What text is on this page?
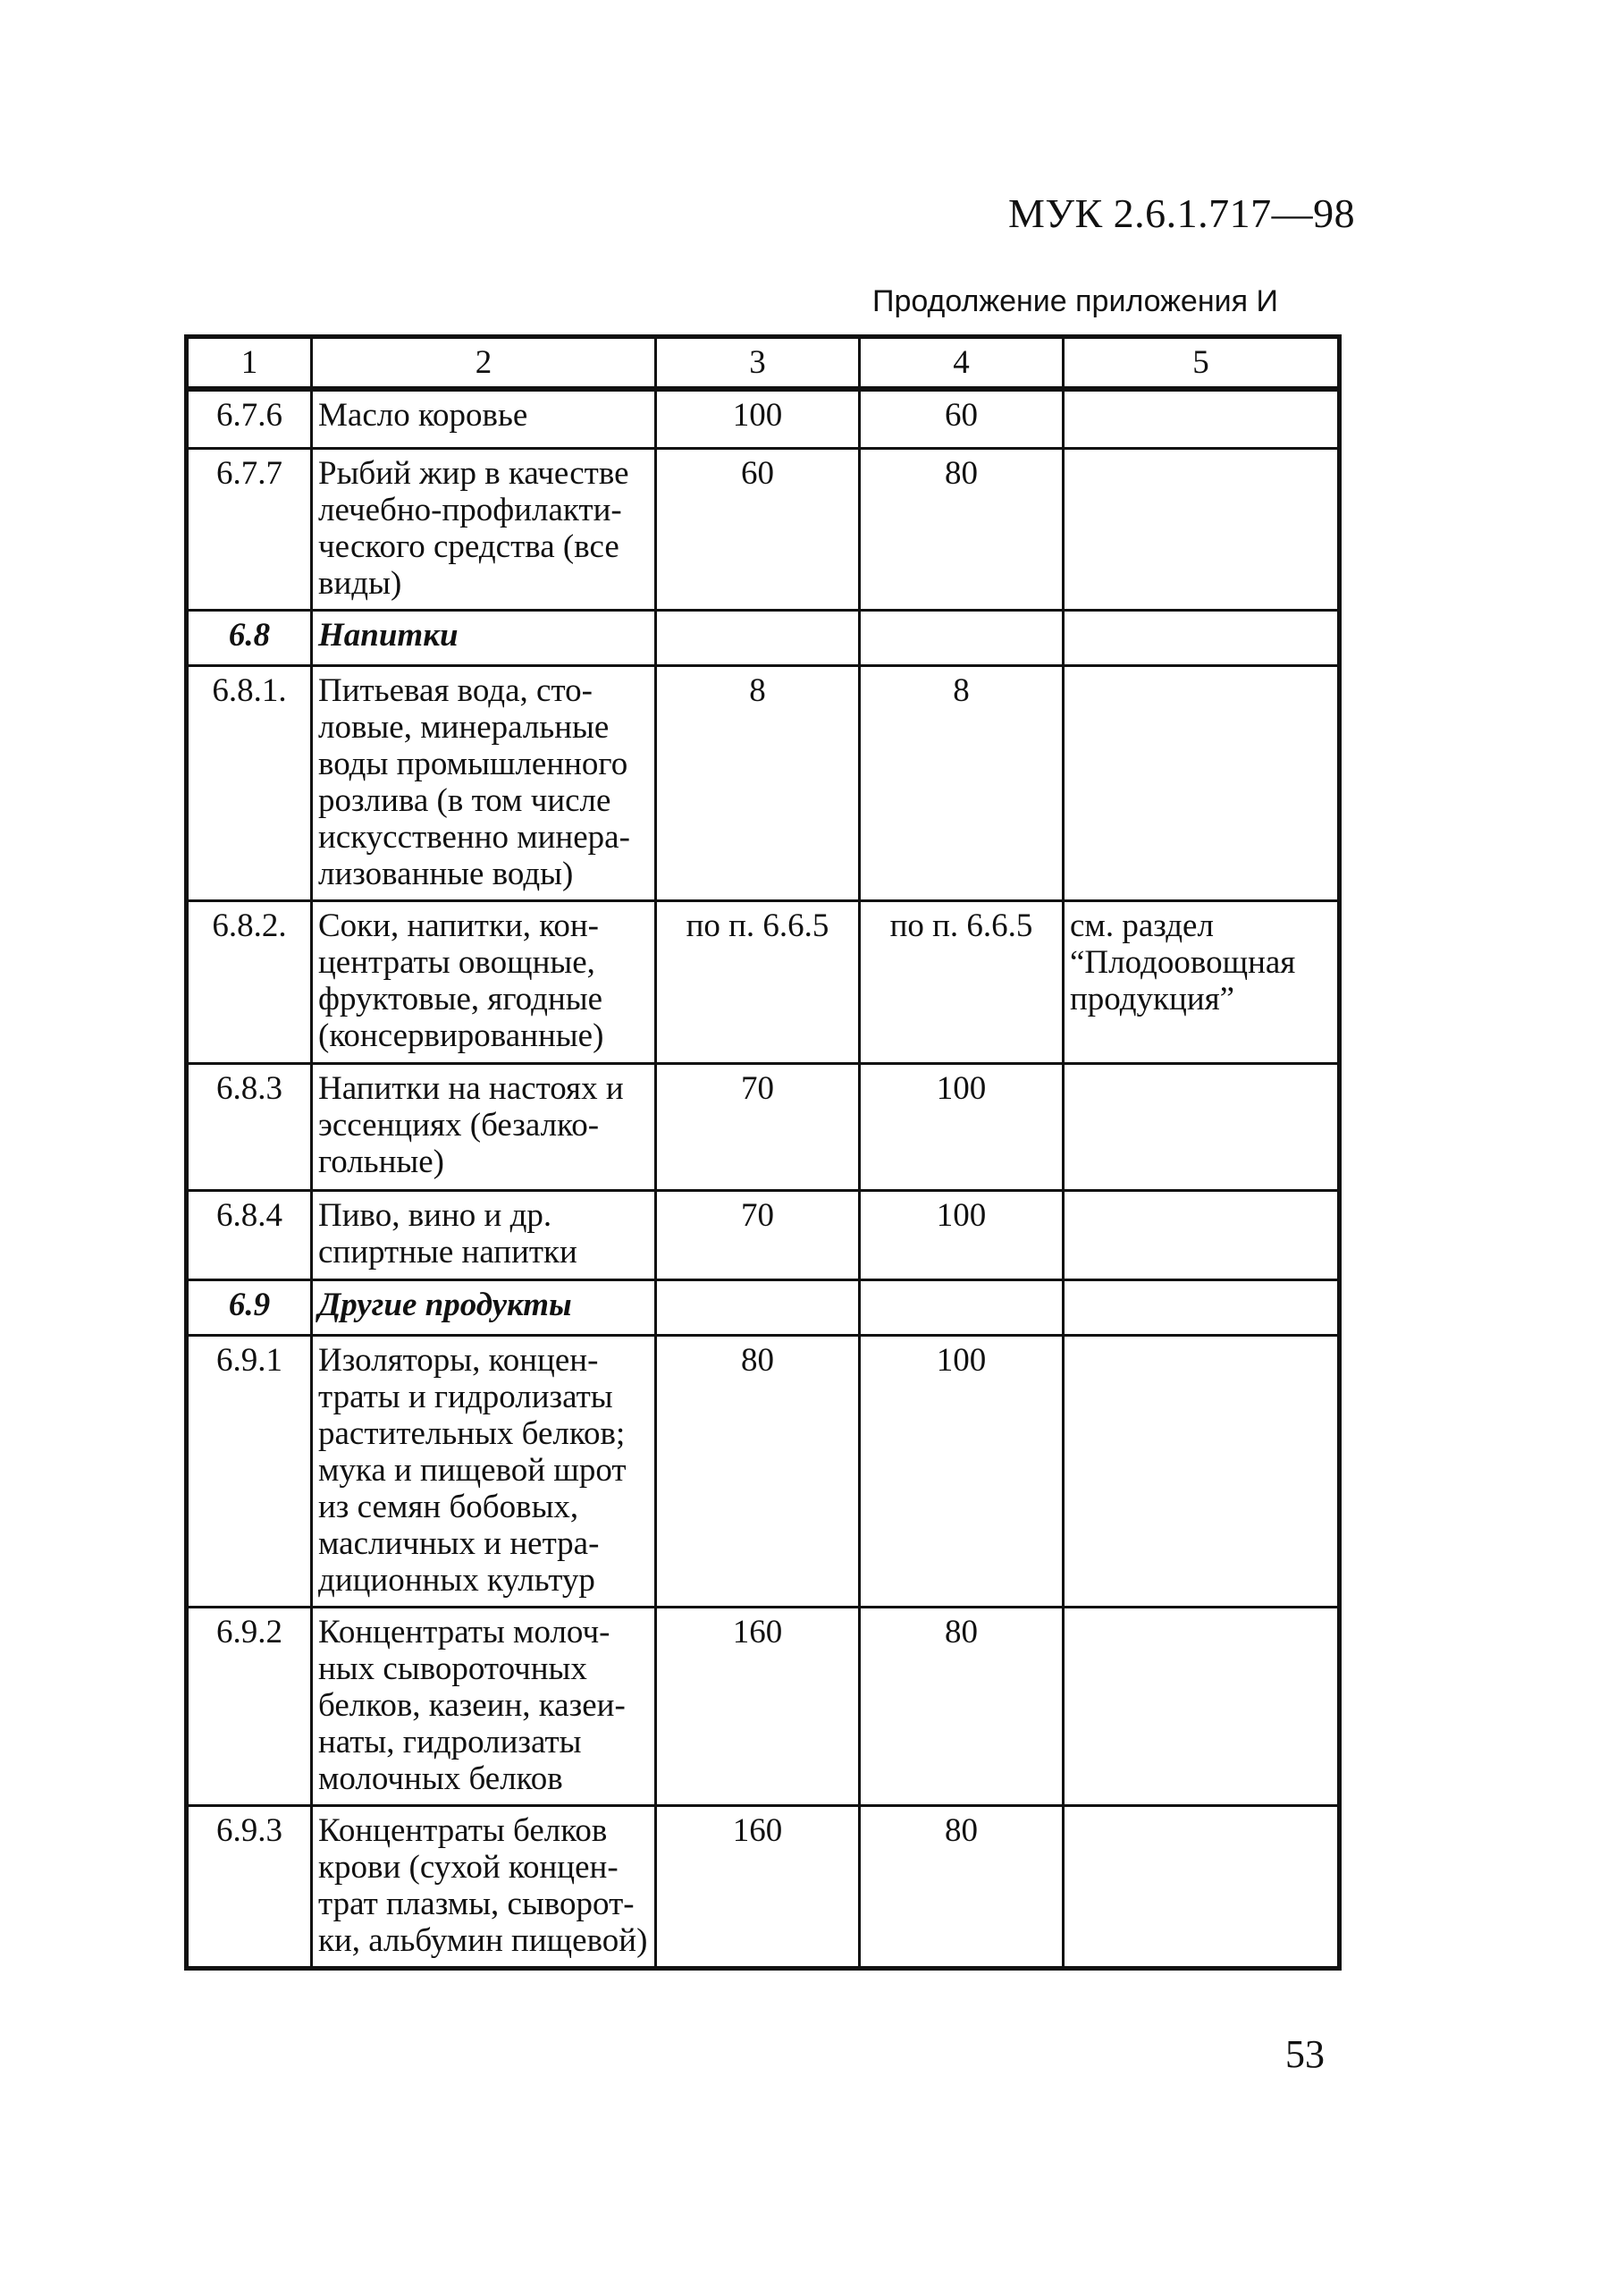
МУК 2.6.1.717—98
Продолжение приложения И
1	2	3	4	5
6.7.6	Масло коровье	100	60	
6.7.7	Рыбий жир в качестве лечебно-профилакти-ческого средства (все виды)	60	80	
6.8	Напитки			
6.8.1.	Питьевая вода, сто-ловые, минеральные воды промышленного розлива (в том числе искусственно минера-лизованные воды)	8	8	
6.8.2.	Соки, напитки, кон-центраты овощные, фруктовые, ягодные (консервированные)	по п. 6.6.5	по п. 6.6.5	см. раздел “Плодоовощная продукция”
6.8.3	Напитки на настоях и эссенциях (безалко-гольные)	70	100	
6.8.4	Пиво, вино и др. спиртные напитки	70	100	
6.9	Другие продукты			
6.9.1	Изоляторы, концен-траты и гидролизаты растительных белков; мука и пищевой шрот из семян бобовых, масличных и нетра-диционных культур	80	100	
6.9.2	Концентраты молоч-ных сывороточных белков, казеин, казеи-наты, гидролизаты молочных белков	160	80	
6.9.3	Концентраты белков крови (сухой концен-трат плазмы, сыворот-ки, альбумин пищевой)	160	80	
53
